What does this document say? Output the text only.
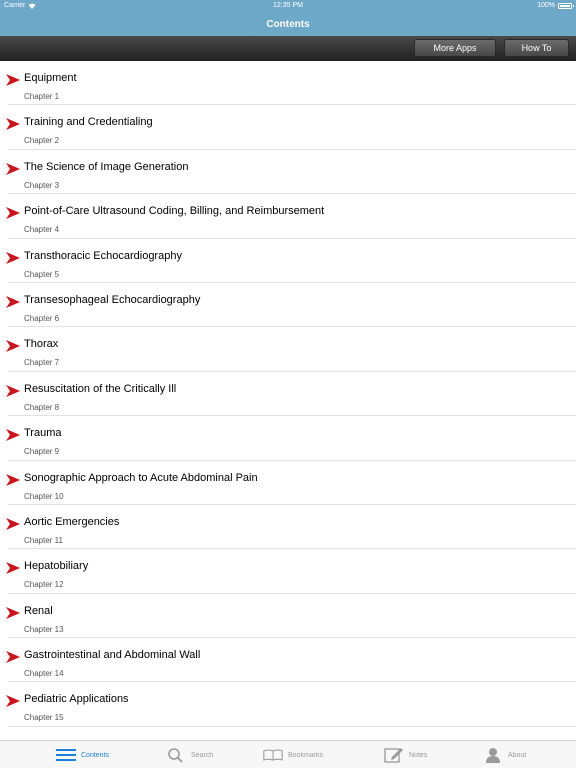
Carrier	12:35 PM	100%
Contents
More Apps	How To
Equipment
Chapter 1
Training and Credentialing
Chapter 2
The Science of Image Generation
Chapter 3
Point-of-Care Ultrasound Coding, Billing, and Reimbursement
Chapter 4
Transthoracic Echocardiography
Chapter 5
Transesophageal Echocardiography
Chapter 6
Thorax
Chapter 7
Resuscitation of the Critically Ill
Chapter 8
Trauma
Chapter 9
Sonographic Approach to Acute Abdominal Pain
Chapter 10
Aortic Emergencies
Chapter 11
Hepatobiliary
Chapter 12
Renal
Chapter 13
Gastrointestinal and Abdominal Wall
Chapter 14
Pediatric Applications
Chapter 15
Contents	Search	Bookmarks	Notes	About
